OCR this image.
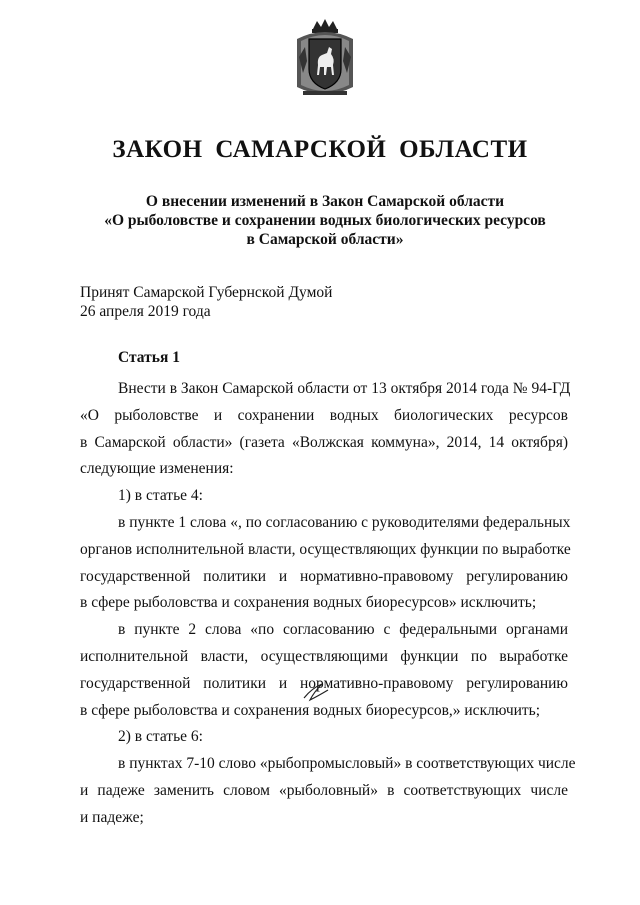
ЗАКОН САМАРСКОЙ ОБЛАСТИ
О внесении изменений в Закон Самарской области
«О рыболовстве и сохранении водных биологических ресурсов
в Самарской области»
Принят Самарской Губернской Думой
26 апреля 2019 года
Статья 1

Внести в Закон Самарской области от 13 октября 2014 года № 94-ГД

«О рыболовстве и сохранении водных биологических ресурсов
в Самарской области» (газета «Волжская коммуна», 2014, 14 октября)
следующие изменения:

1) в статье 4:

в пункте 1 слова «, по согласованию с руководителями федеральных

органов исполнительной власти, осуществляющих функции по выработке
государственной политики и нормативно-правовому регулированию
в сфере рыболовства и сохранения водных биоресурсов» исключить;

в пункте 2 слова «по согласованию с федеральными органами

исполнительной власти, осуществляющими функции по выработке
государственной политики и нормативно-правовому регулированию
в сфере рыболовства и сохранения водных биоресурсов,» исключить;

2) в статье 6:

в пунктах 7-10 слово «рыбопромысловый» в соответствующих числе

и падеже заменить словом «рыболовный» в соответствующих числе
и падеже;
